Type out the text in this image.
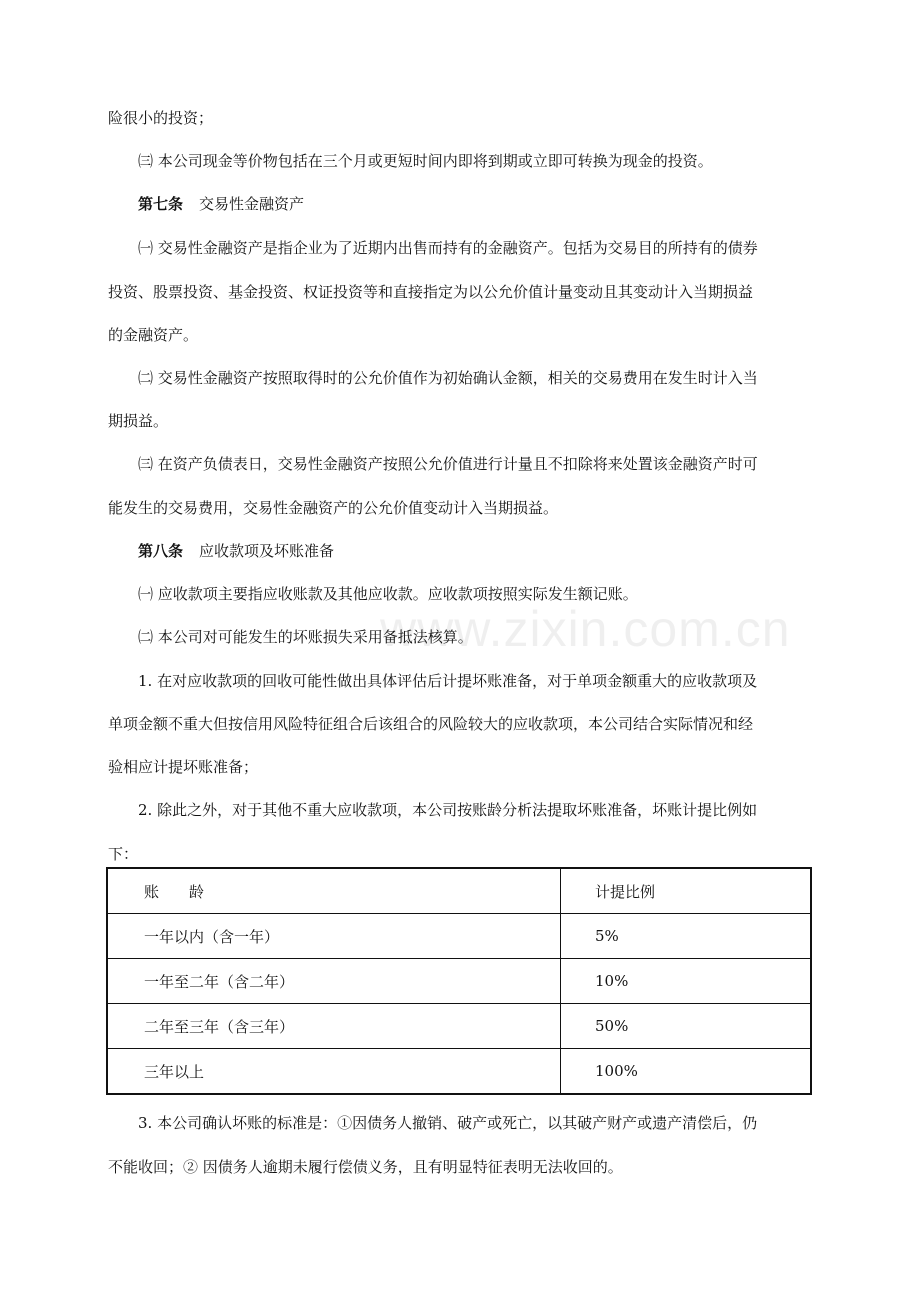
www.zixin.com.cn
险很小的投资；
㈢ 本公司现金等价物包括在三个月或更短时间内即将到期或立即可转换为现金的投资。
第七条 交易性金融资产
㈠ 交易性金融资产是指企业为了近期内出售而持有的金融资产。包括为交易目的所持有的债券
投资、股票投资、基金投资、权证投资等和直接指定为以公允价值计量变动且其变动计入当期损益
的金融资产。
㈡ 交易性金融资产按照取得时的公允价值作为初始确认金额，相关的交易费用在发生时计入当
期损益。
㈢ 在资产负债表日，交易性金融资产按照公允价值进行计量且不扣除将来处置该金融资产时可
能发生的交易费用，交易性金融资产的公允价值变动计入当期损益。
第八条 应收款项及坏账准备
㈠ 应收款项主要指应收账款及其他应收款。应收款项按照实际发生额记账。
㈡ 本公司对可能发生的坏账损失采用备抵法核算。
1. 在对应收款项的回收可能性做出具体评估后计提坏账准备，对于单项金额重大的应收款项及
单项金额不重大但按信用风险特征组合后该组合的风险较大的应收款项，本公司结合实际情况和经
验相应计提坏账准备；
2. 除此之外，对于其他不重大应收款项，本公司按账龄分析法提取坏账准备，坏账计提比例如
下：
账　　龄	计提比例
一年以内（含一年）	5%
一年至二年（含二年）	10%
二年至三年（含三年）	50%
三年以上	100%
3. 本公司确认坏账的标准是：①因债务人撤销、破产或死亡，以其破产财产或遗产清偿后，仍
不能收回；② 因债务人逾期未履行偿债义务，且有明显特征表明无法收回的。
